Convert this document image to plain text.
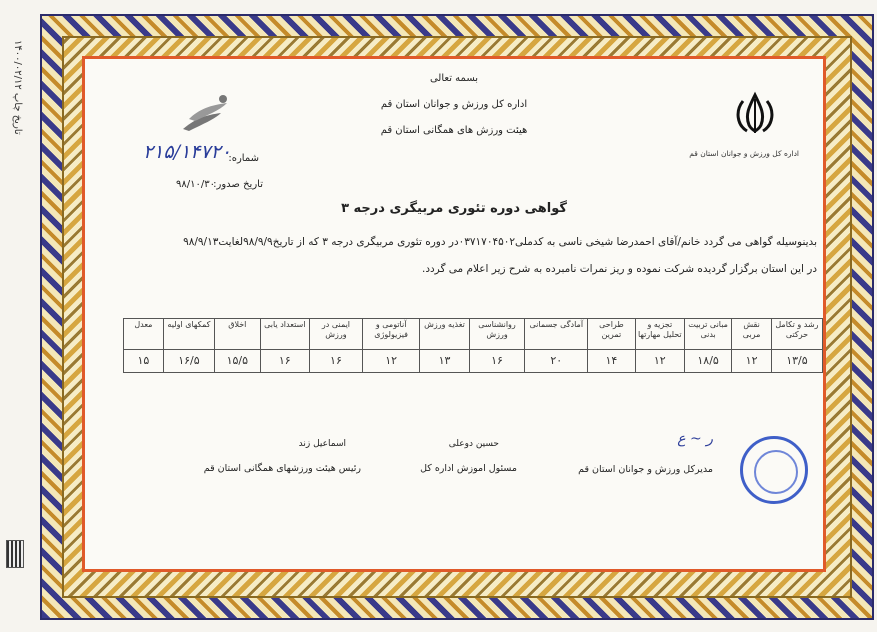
۱۴۰۰/۰۲/۱۲ تاریخ چاپ
اداره کل ورزش و جوانان استان قم
بسمه تعالی
اداره کل ورزش و جوانان استان قم
هیئت ورزش های همگانی استان قم
شماره:
۲۱۵/۱۴۷۲۰
تاریخ صدور:
۹۸/۱۰/۳۰
گواهی دوره تئوری مربیگری درجه ۳
بدینوسیله گواهی می گردد خانم/آقای احمدرضا شیخی ناسی به کدملی۰۳۷۱۷۰۴۵۰۲در دوره تئوری مربیگری درجه ۳ که از تاریخ۹۸/۹/۹لغایت۹۸/۹/۱۳
در این استان برگزار گردیده شرکت نموده و ریز نمرات نامبرده به شرح زیر اعلام می گردد.
رشد و تکامل حرکتی	نقش مربی	مبانی تربیت بدنی	تجزیه و تحلیل مهارتها	طراحی تمرین	آمادگی جسمانی	روانشناسی ورزش	تغذیه ورزش	آناتومی و فیزیولوژی	ایمنی در ورزش	استعداد یابی	اخلاق	کمکهای اولیه	معدل
۱۳/۵	۱۲	۱۸/۵	۱۲	۱۴	۲۰	۱۶	۱۳	۱۲	۱۶	۱۶	۱۵/۵	۱۶/۵	۱۵
ر ~ ع
مدیرکل ورزش و جوانان استان قم
حسین دوعلی
مسئول اموزش اداره کل
اسماعیل زند
رئیس هیئت ورزشهای همگانی استان قم
